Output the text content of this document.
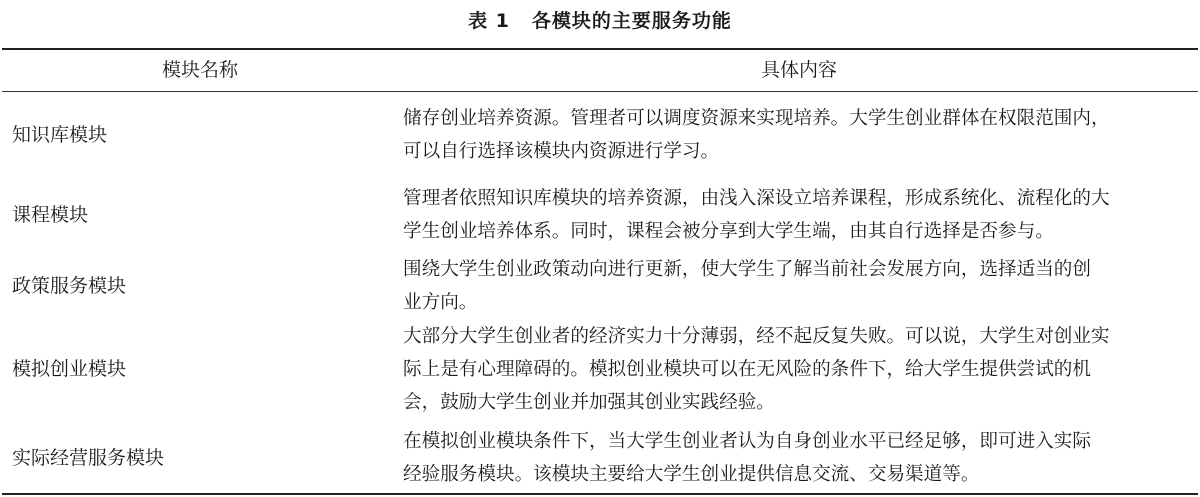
表 1 各模块的主要服务功能
模块名称	具体内容
知识库模块
储存创业培养资源。管理者可以调度资源来实现培养。大学生创业群体在权限范围内，
可以自行选择该模块内资源进行学习。
课程模块
管理者依照知识库模块的培养资源，由浅入深设立培养课程，形成系统化、流程化的大
学生创业培养体系。同时，课程会被分享到大学生端，由其自行选择是否参与。
政策服务模块
围绕大学生创业政策动向进行更新，使大学生了解当前社会发展方向，选择适当的创
业方向。
模拟创业模块
大部分大学生创业者的经济实力十分薄弱，经不起反复失败。可以说，大学生对创业实
际上是有心理障碍的。模拟创业模块可以在无风险的条件下，给大学生提供尝试的机
会，鼓励大学生创业并加强其创业实践经验。
实际经营服务模块
在模拟创业模块条件下，当大学生创业者认为自身创业水平已经足够，即可进入实际
经验服务模块。该模块主要给大学生创业提供信息交流、交易渠道等。
